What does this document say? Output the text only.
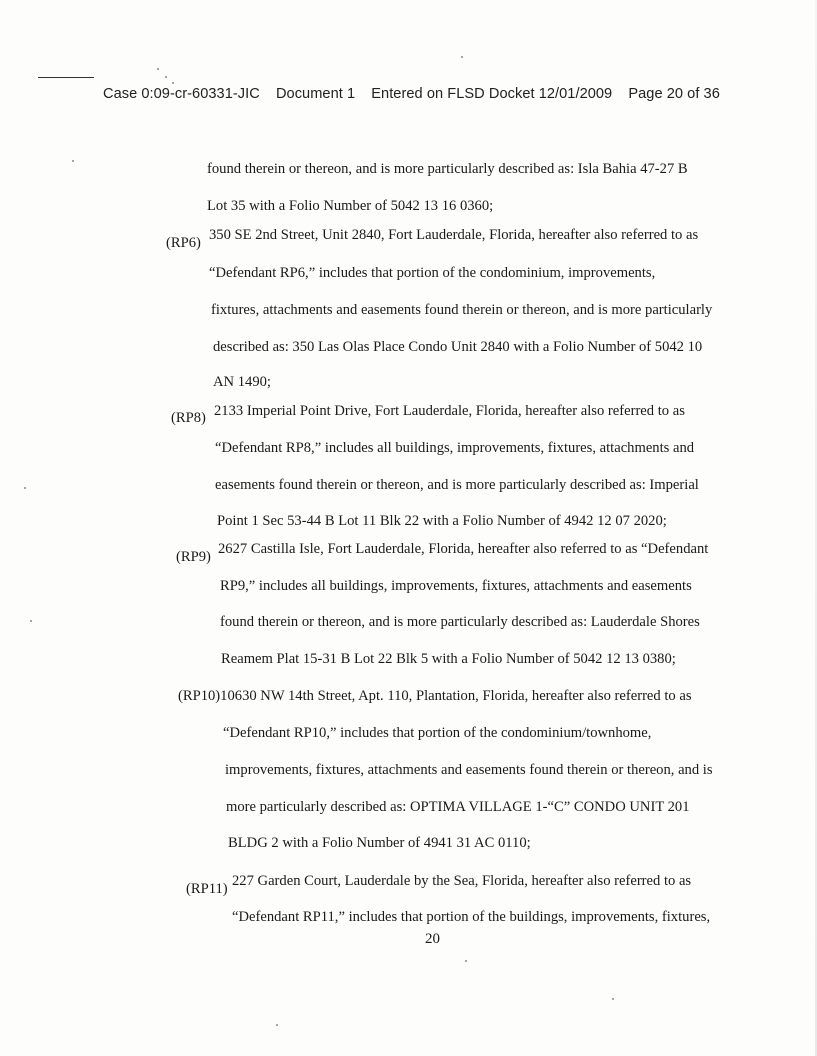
Case 0:09-cr-60331-JIC Document 1 Entered on FLSD Docket 12/01/2009 Page 20 of 36
found therein or thereon, and is more particularly described as: Isla Bahia 47-27 B
Lot 35 with a Folio Number of 5042 13 16 0360;
(RP6) 350 SE 2nd Street, Unit 2840, Fort Lauderdale, Florida, hereafter also referred to as
“Defendant RP6,” includes that portion of the condominium, improvements,
fixtures, attachments and easements found therein or thereon, and is more particularly
described as: 350 Las Olas Place Condo Unit 2840 with a Folio Number of 5042 10
AN 1490;
(RP8) 2133 Imperial Point Drive, Fort Lauderdale, Florida, hereafter also referred to as
“Defendant RP8,” includes all buildings, improvements, fixtures, attachments and
easements found therein or thereon, and is more particularly described as: Imperial
Point 1 Sec 53-44 B Lot 11 Blk 22 with a Folio Number of 4942 12 07 2020;
(RP9) 2627 Castilla Isle, Fort Lauderdale, Florida, hereafter also referred to as “Defendant
RP9,” includes all buildings, improvements, fixtures, attachments and easements
found therein or thereon, and is more particularly described as: Lauderdale Shores
Reamem Plat 15-31 B Lot 22 Blk 5 with a Folio Number of 5042 12 13 0380;
(RP10)10630 NW 14th Street, Apt. 110, Plantation, Florida, hereafter also referred to as
“Defendant RP10,” includes that portion of the condominium/townhome,
improvements, fixtures, attachments and easements found therein or thereon, and is
more particularly described as: OPTIMA VILLAGE 1-“C” CONDO UNIT 201
BLDG 2 with a Folio Number of 4941 31 AC 0110;
(RP11) 227 Garden Court, Lauderdale by the Sea, Florida, hereafter also referred to as
“Defendant RP11,” includes that portion of the buildings, improvements, fixtures,
20
